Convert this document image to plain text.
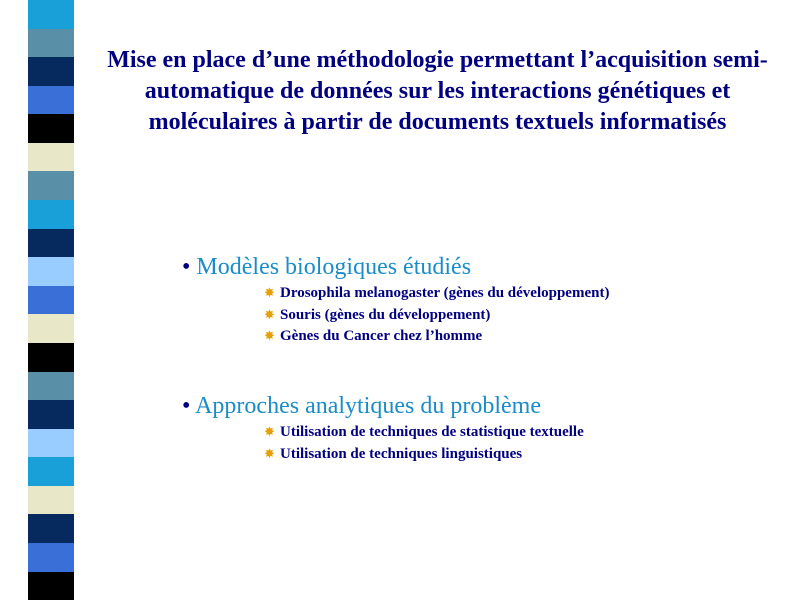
Mise en place d’une méthodologie permettant l’acquisition semi-automatique de données sur les interactions génétiques et moléculaires à partir de documents textuels informatisés
• Modèles biologiques étudiés
✸ Drosophila melanogaster (gènes du développement)
✸ Souris (gènes du développement)
✸ Gènes du Cancer chez l’homme
• Approches analytiques du problème
✸ Utilisation de techniques de statistique textuelle
✸ Utilisation de techniques linguistiques
